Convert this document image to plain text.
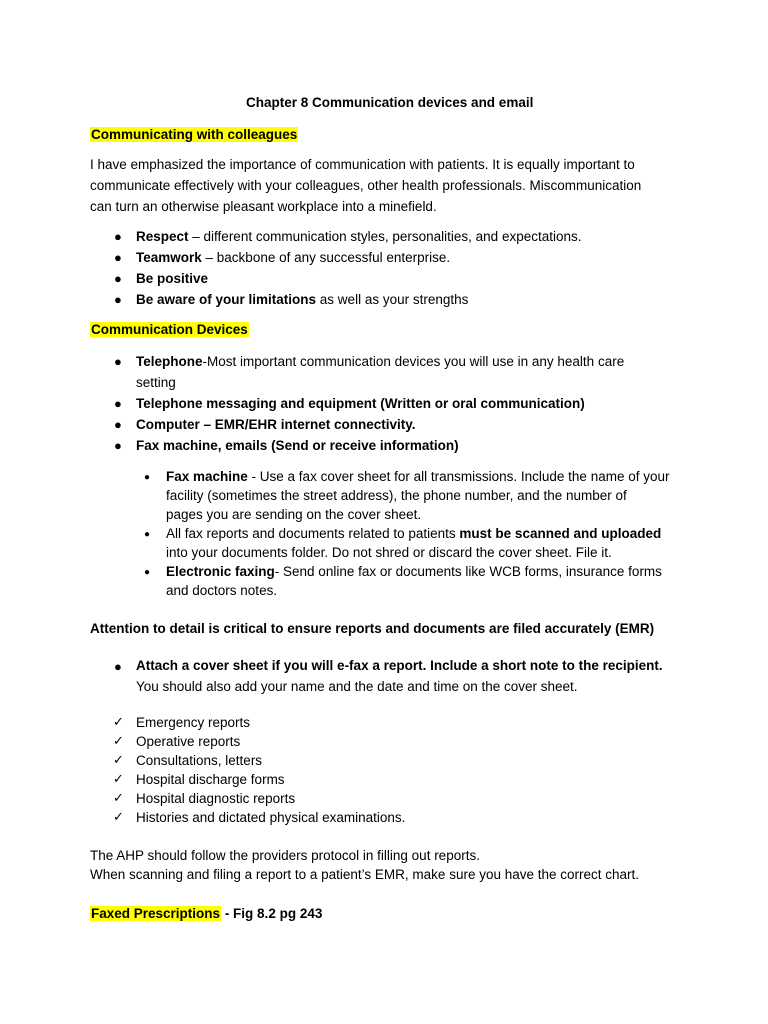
Chapter 8 Communication devices and email
Communicating with colleagues
I have emphasized the importance of communication with patients. It is equally important to
communicate effectively with your colleagues, other health professionals. Miscommunication
can turn an otherwise pleasant workplace into a minefield.
● Respect – different communication styles, personalities, and expectations.
● Teamwork – backbone of any successful enterprise.
● Be positive
● Be aware of your limitations as well as your strengths
Communication Devices
● Telephone-Most important communication devices you will use in any health care
setting
● Telephone messaging and equipment (Written or oral communication)
● Computer – EMR/EHR internet connectivity.
● Fax machine, emails (Send or receive information)
● Fax machine - Use a fax cover sheet for all transmissions. Include the name of your
facility (sometimes the street address), the phone number, and the number of
pages you are sending on the cover sheet.
● All fax reports and documents related to patients must be scanned and uploaded
into your documents folder. Do not shred or discard the cover sheet. File it.
● Electronic faxing- Send online fax or documents like WCB forms, insurance forms
and doctors notes.
Attention to detail is critical to ensure reports and documents are filed accurately (EMR)
● Attach a cover sheet if you will e-fax a report. Include a short note to the recipient.
You should also add your name and the date and time on the cover sheet.
✓ Emergency reports
✓ Operative reports
✓ Consultations, letters
✓ Hospital discharge forms
✓ Hospital diagnostic reports
✓ Histories and dictated physical examinations.
The AHP should follow the providers protocol in filling out reports.
When scanning and filing a report to a patient’s EMR, make sure you have the correct chart.
Faxed Prescriptions - Fig 8.2 pg 243
